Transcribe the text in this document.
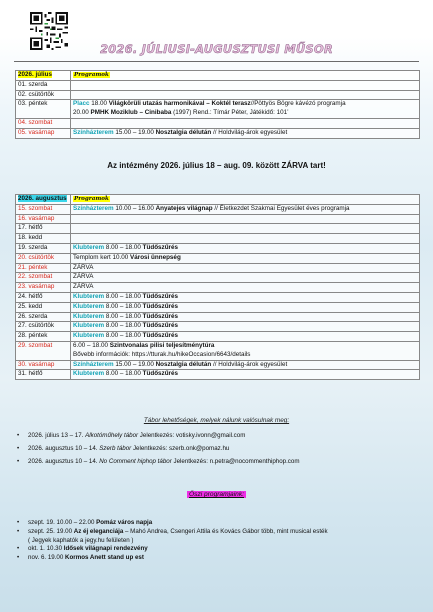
2026. JÚLIUSI-AUGUSZTUSI MŰSOR
2026. július	Programok
01. szerda	
02. csütörtök	
03. péntek	Placc 18.00 Világkörüli utazás harmonikával – Koktél terasz//Pöttyös Bögre kávézó programja
20.00 PMHK Moziklub – Cinibaba (1997) Rend.: Tímár Péter, Játékidő: 101’
04. szombat	
05. vasárnap	Színházterem 15.00 – 19.00 Nosztalgia délután // Holdvilág-árok egyesület
Az intézmény 2026. július 18 – aug. 09. között ZÁRVA tart!
2026. augusztus	Programok
15. szombat	Színházterem 10.00 – 16.00 Anyatejes világnap // Életkezdet Szakmai Egyesület éves programja
16. vasárnap	
17. hétfő	
18. kedd	
19. szerda	Klubterem 8.00 – 18.00 Tüdőszűrés
20. csütörtök	Templom kert 10.00 Városi ünnepség
21. péntek	ZÁRVA
22. szombat	ZÁRVA
23. vasárnap	ZÁRVA
24. hétfő	Klubterem 8.00 – 18.00 Tüdőszűrés
25. kedd	Klubterem 8.00 – 18.00 Tüdőszűrés
26. szerda	Klubterem 8.00 – 18.00 Tüdőszűrés
27. csütörtök	Klubterem 8.00 – 18.00 Tüdőszűrés
28. péntek	Klubterem 8.00 – 18.00 Tüdőszűrés
29. szombat	6.00 – 18.00 Szintvonalas pilisi teljesítménytúra
Bővebb információk: https://tturak.hu/hikeOccasion/6643/details
30. vasárnap	Színházterem 15.00 – 19.00 Nosztalgia délután // Holdvilág-árok egyesület
31. hétfő	Klubterem 8.00 – 18.00 Tüdőszűrés
Tábor lehetőségek, melyek nálunk valósulnak meg:
• 2026. július 13 – 17. Alkotóműhely tábor Jelentkezés: votisky.ivonn@gmail.com
• 2026. augusztus 10 – 14. Szerb tábor Jelentkezés: szerb.onk@pomaz.hu
• 2026. augusztus 10 – 14. No Comment hiphop tábor Jelentkezés: n.petra@nocommenthiphop.com
Őszi programjaink:
• szept. 19. 10.00 – 22.00 Pomáz város napja
• szept. 25. 19.00 Az éj eleganciája – Mahó Andrea, Csengeri Attila és Kovács Gábor több, mint musical esték
( Jegyek kaphatók a jegy.hu felületen )
• okt. 1. 10.30 Idősek világnapi rendezvény
• nov. 6. 19.00 Kormos Anett stand up est
